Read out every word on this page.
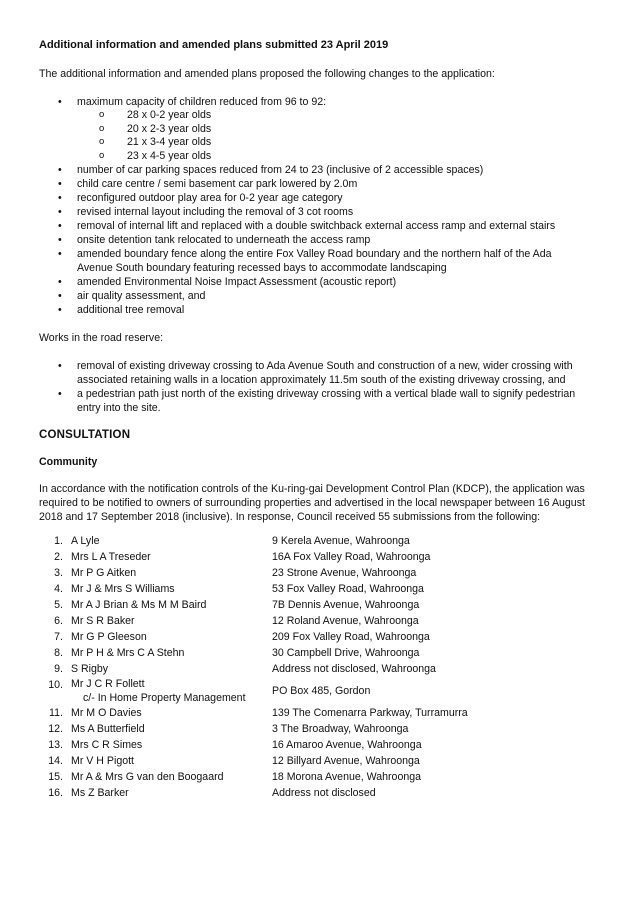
Additional information and amended plans submitted 23 April 2019

The additional information and amended plans proposed the following changes to the application:

• maximum capacity of children reduced from 96 to 92:
o 28 x 0-2 year olds
o 20 x 2-3 year olds
o 21 x 3-4 year olds
o 23 x 4-5 year olds
• number of car parking spaces reduced from 24 to 23 (inclusive of 2 accessible spaces)
• child care centre / semi basement car park lowered by 2.0m
• reconfigured outdoor play area for 0-2 year age category
• revised internal layout including the removal of 3 cot rooms
• removal of internal lift and replaced with a double switchback external access ramp and external stairs
• onsite detention tank relocated to underneath the access ramp
• amended boundary fence along the entire Fox Valley Road boundary and the northern half of the Ada Avenue South boundary featuring recessed bays to accommodate landscaping
• amended Environmental Noise Impact Assessment (acoustic report)
• air quality assessment, and
• additional tree removal

Works in the road reserve:

• removal of existing driveway crossing to Ada Avenue South and construction of a new, wider crossing with associated retaining walls in a location approximately 11.5m south of the existing driveway crossing, and
• a pedestrian path just north of the existing driveway crossing with a vertical blade wall to signify pedestrian entry into the site.

CONSULTATION

Community

In accordance with the notification controls of the Ku-ring-gai Development Control Plan (KDCP), the application was required to be notified to owners of surrounding properties and advertised in the local newspaper between 16 August 2018 and 17 September 2018 (inclusive). In response, Council received 55 submissions from the following:

1.	A Lyle	9 Kerela Avenue, Wahroonga
2.	Mrs L A Treseder	16A Fox Valley Road, Wahroonga
3.	Mr P G Aitken	23 Strone Avenue, Wahroonga
4.	Mr J & Mrs S Williams	53 Fox Valley Road, Wahroonga
5.	Mr A J Brian & Ms M M Baird	7B Dennis Avenue, Wahroonga
6.	Mr S R Baker	12 Roland Avenue, Wahroonga
7.	Mr G P Gleeson	209 Fox Valley Road, Wahroonga
8.	Mr P H & Mrs C A Stehn	30 Campbell Drive, Wahroonga
9.	S Rigby	Address not disclosed, Wahroonga
10.	Mr J C R Follett
c/- In Home Property Management	PO Box 485, Gordon
11.	Mr M O Davies	139 The Comenarra Parkway, Turramurra
12.	Ms A Butterfield	3 The Broadway, Wahroonga
13.	Mrs C R Simes	16 Amaroo Avenue, Wahroonga
14.	Mr V H Pigott	12 Billyard Avenue, Wahroonga
15.	Mr A & Mrs G van den Boogaard	18 Morona Avenue, Wahroonga
16.	Ms Z Barker	Address not disclosed
